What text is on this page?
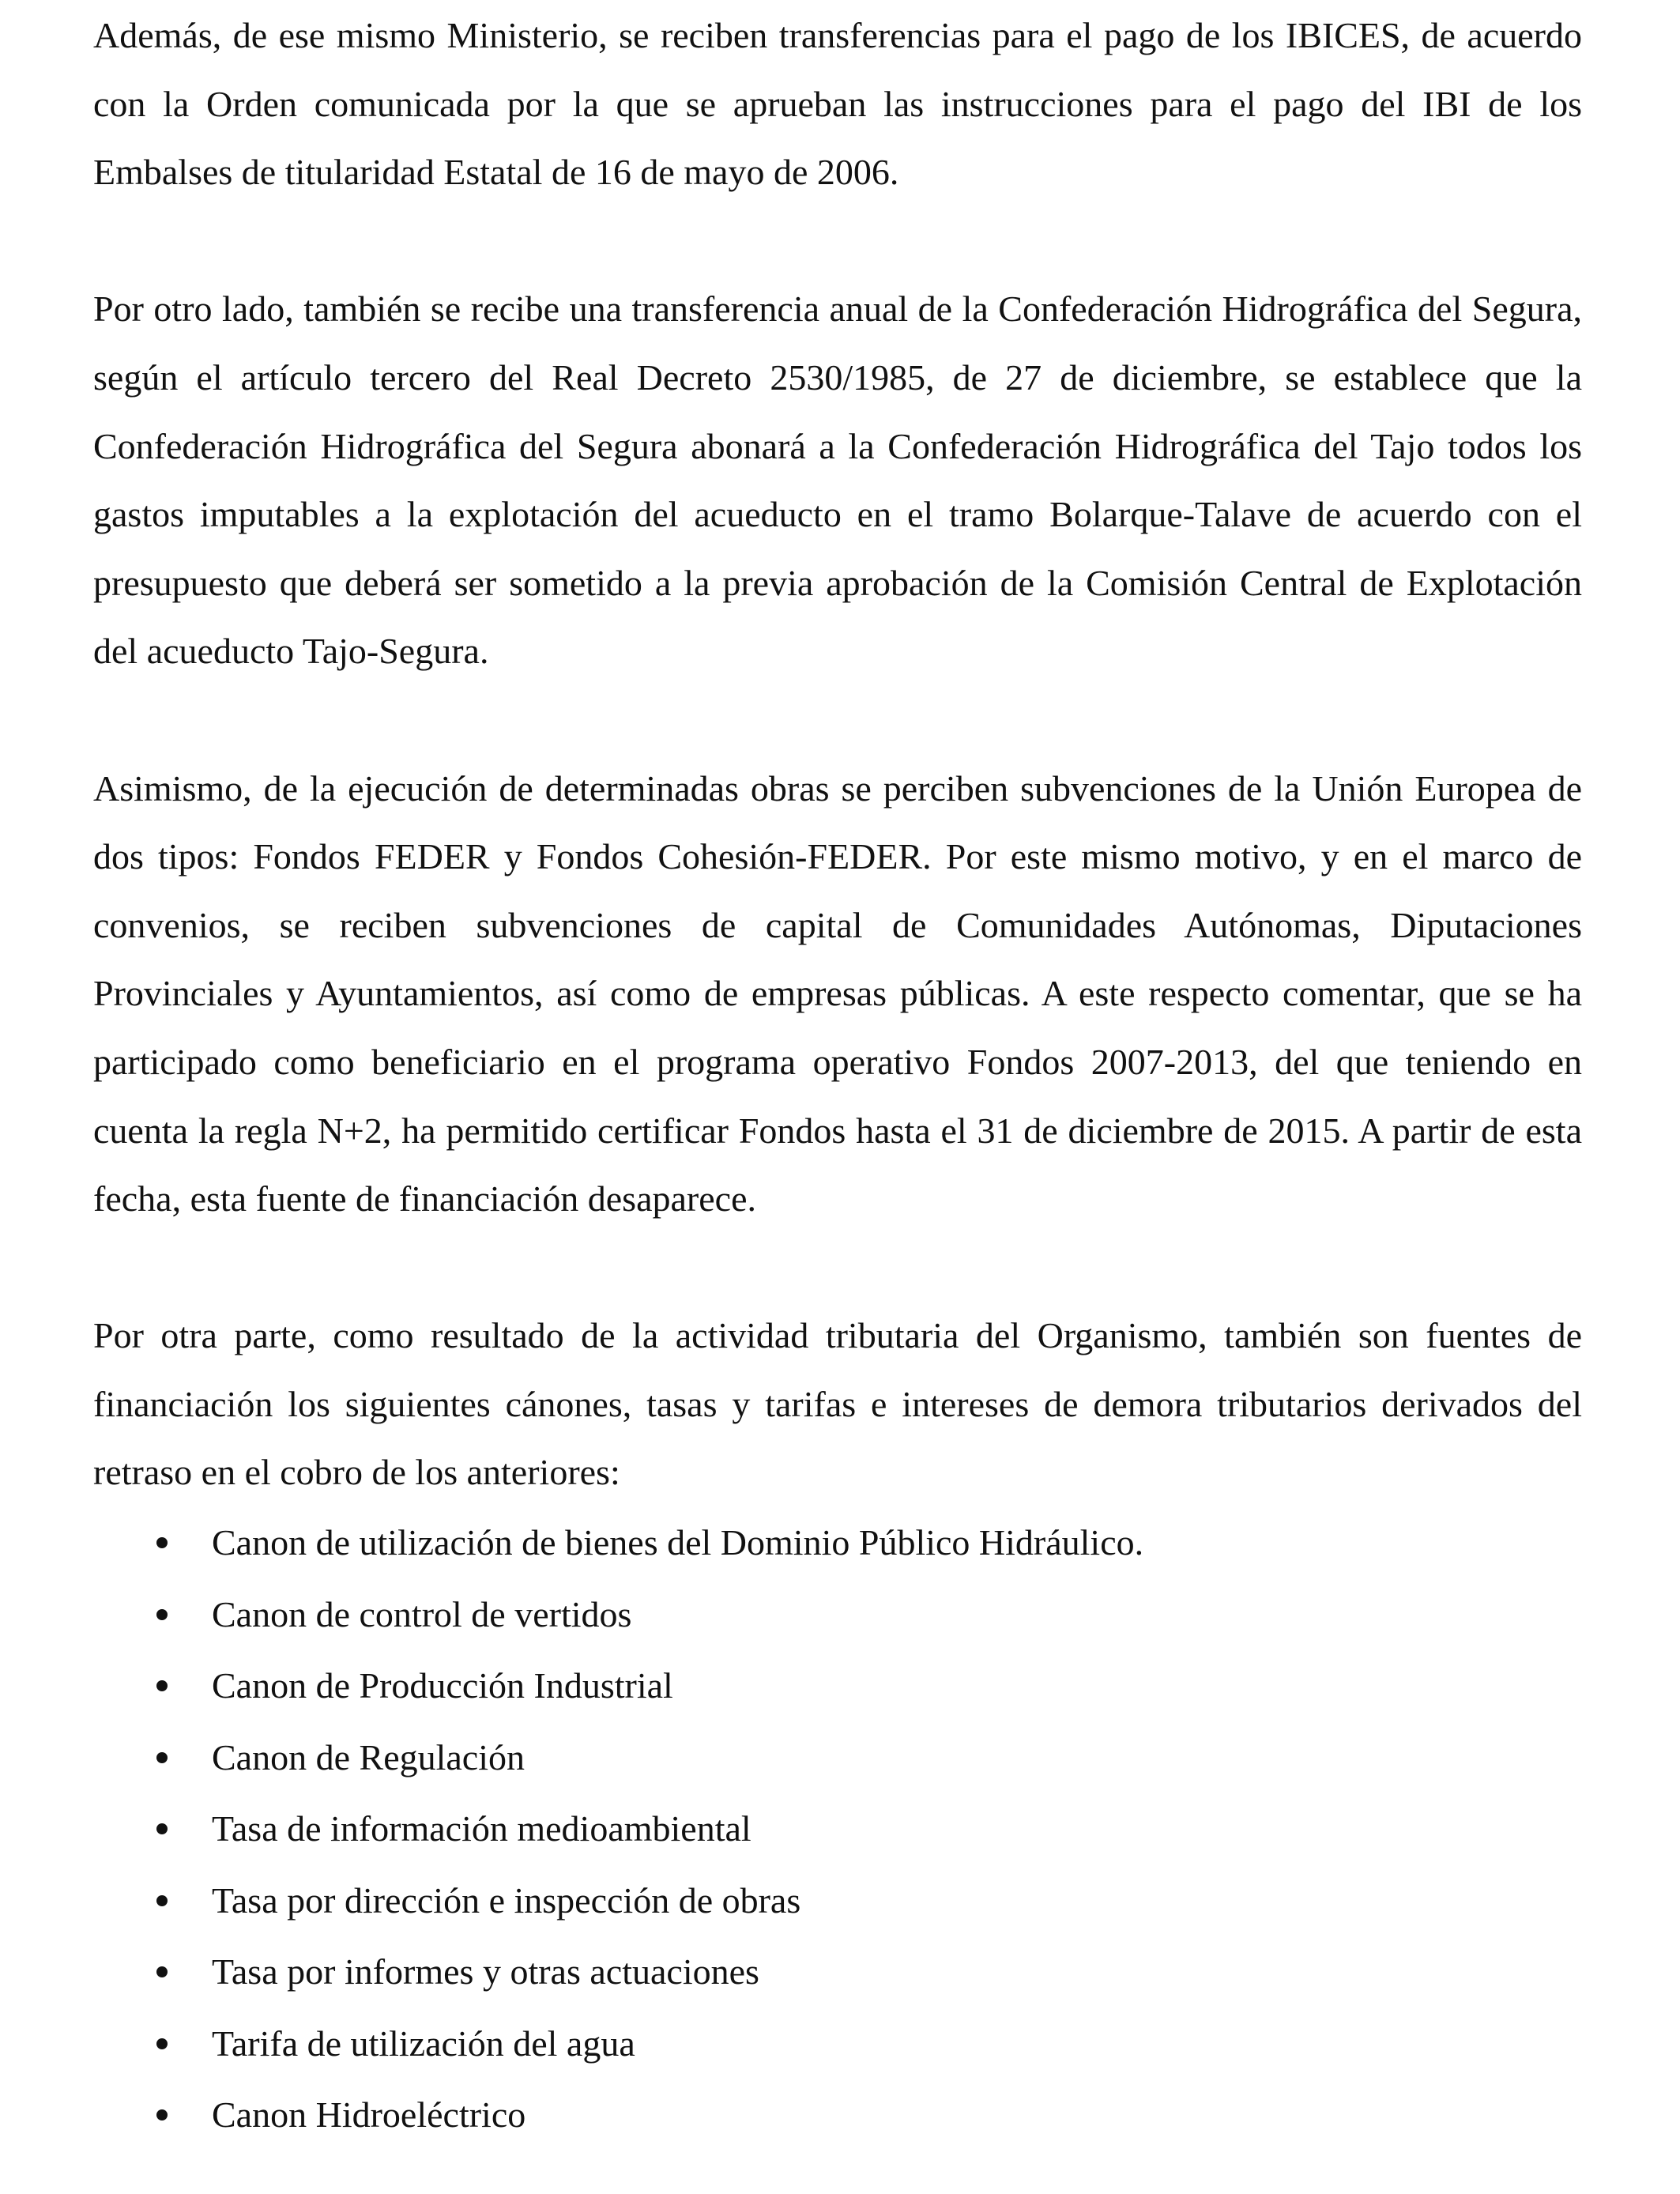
Además, de ese mismo Ministerio, se reciben transferencias para el pago de los IBICES, de acuerdo con la Orden comunicada por la que se aprueban las instrucciones para el pago del IBI de los Embalses de titularidad Estatal de 16 de mayo de 2006.

Por otro lado, también se recibe una transferencia anual de la Confederación Hidrográfica del Segura, según el artículo tercero del Real Decreto 2530/1985, de 27 de diciembre, se establece que la Confederación Hidrográfica del Segura abonará a la Confederación Hidrográfica del Tajo todos los gastos imputables a la explotación del acueducto en el tramo Bolarque-Talave de acuerdo con el presupuesto que deberá ser sometido a la previa aprobación de la Comisión Central de Explotación del acueducto Tajo-Segura.

Asimismo, de la ejecución de determinadas obras se perciben subvenciones de la Unión Europea de dos tipos: Fondos FEDER y Fondos Cohesión-FEDER. Por este mismo motivo, y en el marco de convenios, se reciben subvenciones de capital de Comunidades Autónomas, Diputaciones Provinciales y Ayuntamientos, así como de empresas públicas. A este respecto comentar, que se ha participado como beneficiario en el programa operativo Fondos 2007-2013, del que teniendo en cuenta la regla N+2, ha permitido certificar Fondos hasta el 31 de diciembre de 2015. A partir de esta fecha, esta fuente de financiación desaparece.

Por otra parte, como resultado de la actividad tributaria del Organismo, también son fuentes de financiación los siguientes cánones, tasas y tarifas e intereses de demora tributarios derivados del retraso en el cobro de los anteriores:

Canon de utilización de bienes del Dominio Público Hidráulico.
Canon de control de vertidos
Canon de Producción Industrial
Canon de Regulación
Tasa de información medioambiental
Tasa por dirección e inspección de obras
Tasa por informes y otras actuaciones
Tarifa de utilización del agua
Canon Hidroeléctrico
